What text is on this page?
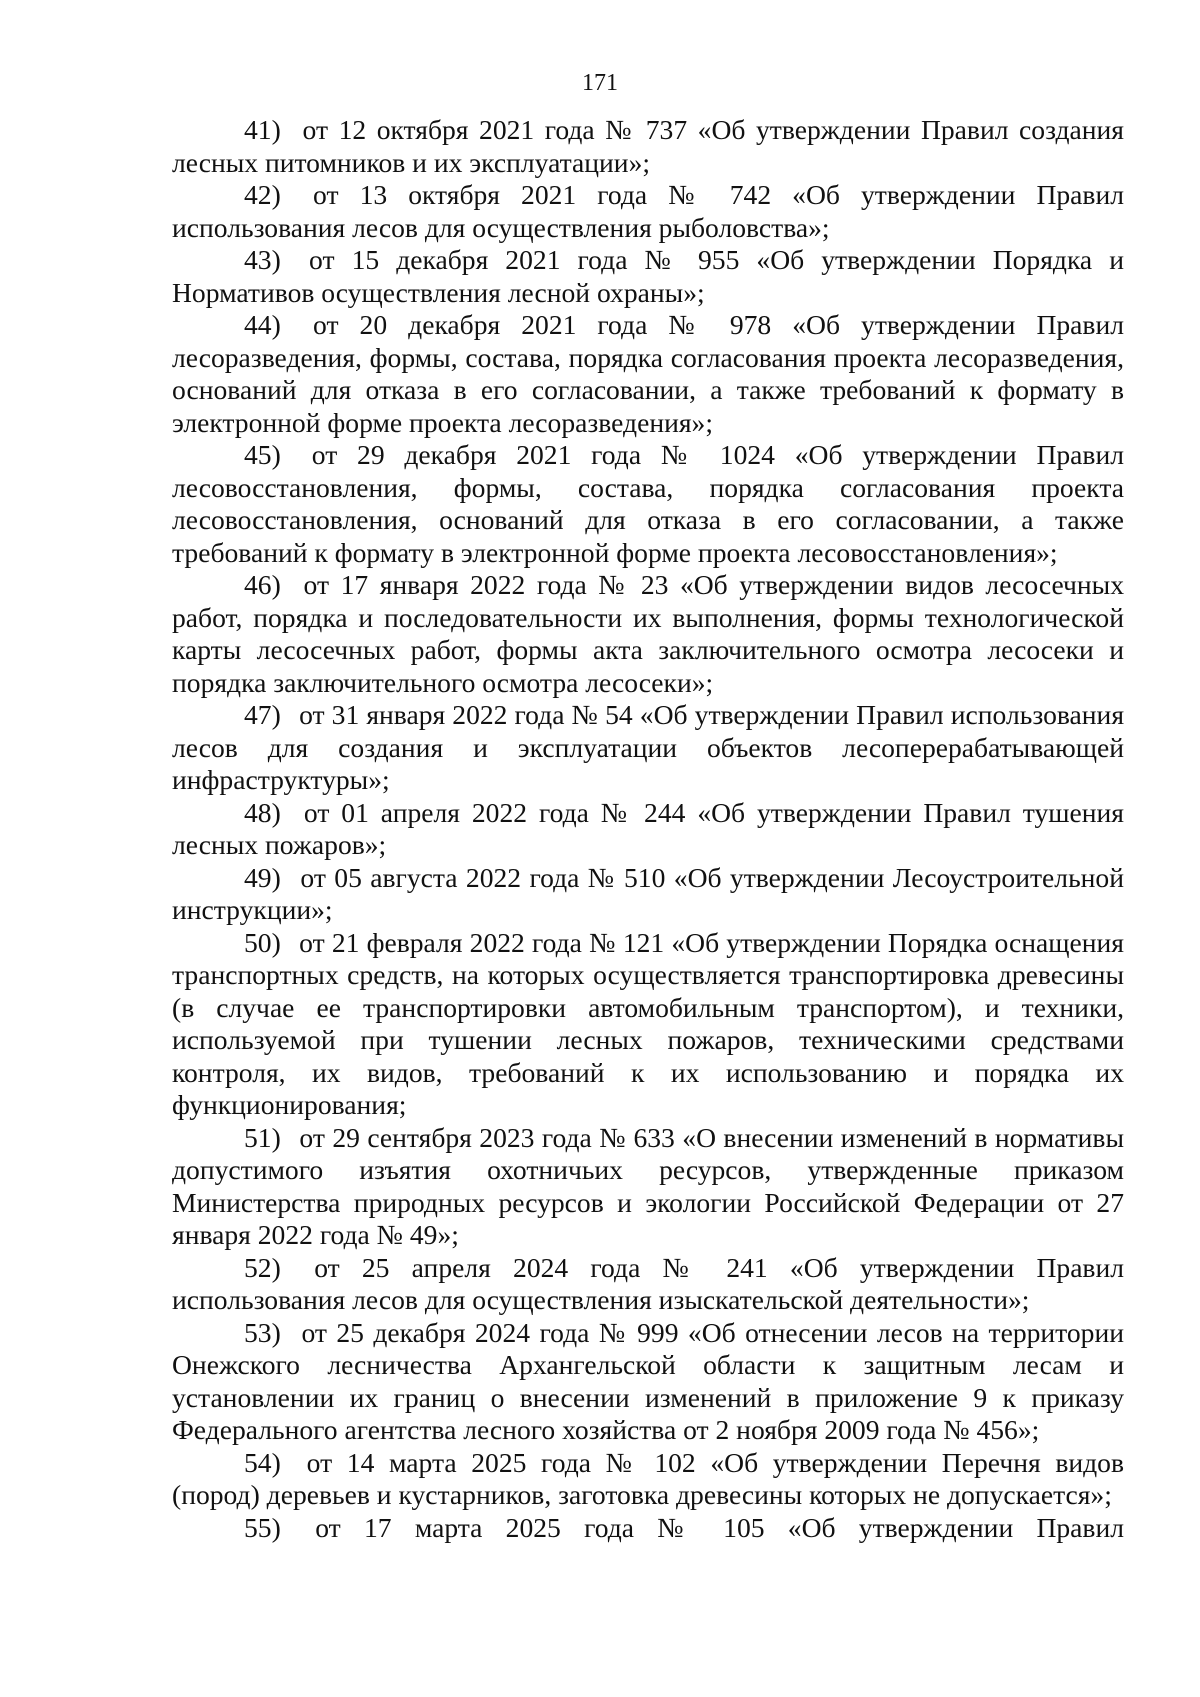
171

41) от 12 октября 2021 года № 737 «Об утверждении Правил создания лесных питомников и их эксплуатации»;

42) от 13 октября 2021 года № 742 «Об утверждении Правил использования лесов для осуществления рыболовства»;

43) от 15 декабря 2021 года № 955 «Об утверждении Порядка и Нормативов осуществления лесной охраны»;

44) от 20 декабря 2021 года № 978 «Об утверждении Правил лесоразведения, формы, состава, порядка согласования проекта лесоразведения, оснований для отказа в его согласовании, а также требований к формату в электронной форме проекта лесоразведения»;

45) от 29 декабря 2021 года № 1024 «Об утверждении Правил лесовосстановления, формы, состава, порядка согласования проекта лесовосстановления, оснований для отказа в его согласовании, а также требований к формату в электронной форме проекта лесовосстановления»;

46) от 17 января 2022 года № 23 «Об утверждении видов лесосечных работ, порядка и последовательности их выполнения, формы технологической карты лесосечных работ, формы акта заключительного осмотра лесосеки и порядка заключительного осмотра лесосеки»;

47) от 31 января 2022 года № 54 «Об утверждении Правил использования лесов для создания и эксплуатации объектов лесоперерабатывающей инфраструктуры»;

48) от 01 апреля 2022 года № 244 «Об утверждении Правил тушения лесных пожаров»;

49) от 05 августа 2022 года № 510 «Об утверждении Лесоустроительной инструкции»;

50) от 21 февраля 2022 года № 121 «Об утверждении Порядка оснащения транспортных средств, на которых осуществляется транспортировка древесины (в случае ее транспортировки автомобильным транспортом), и техники, используемой при тушении лесных пожаров, техническими средствами контроля, их видов, требований к их использованию и порядка их функционирования;

51) от 29 сентября 2023 года № 633 «О внесении изменений в нормативы допустимого изъятия охотничьих ресурсов, утвержденные приказом Министерства природных ресурсов и экологии Российской Федерации от 27 января 2022 года № 49»;

52) от 25 апреля 2024 года № 241 «Об утверждении Правил использования лесов для осуществления изыскательской деятельности»;

53) от 25 декабря 2024 года № 999 «Об отнесении лесов на территории Онежского лесничества Архангельской области к защитным лесам и установлении их границ о внесении изменений в приложение 9 к приказу Федерального агентства лесного хозяйства от 2 ноября 2009 года № 456»;

54) от 14 марта 2025 года № 102 «Об утверждении Перечня видов (пород) деревьев и кустарников, заготовка древесины которых не допускается»;

55) от 17 марта 2025 года № 105 «Об утверждении Правил
